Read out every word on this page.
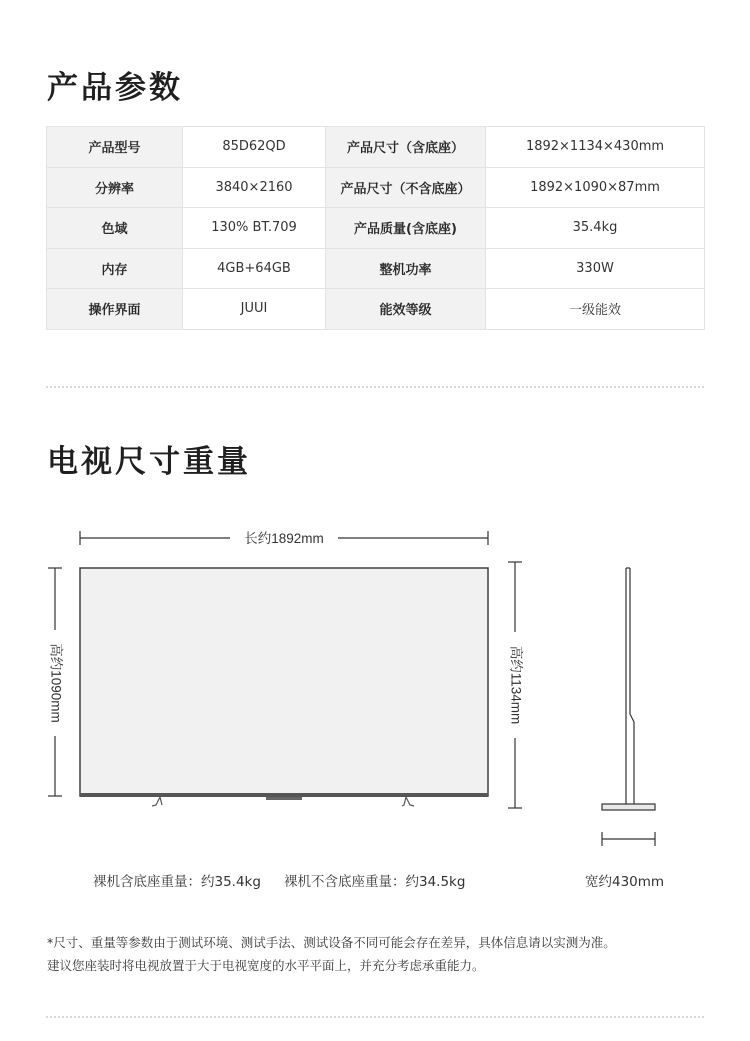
产品参数
产品型号	85D62QD	产品尺寸（含底座）	1892×1134×430mm
分辨率	3840×2160	产品尺寸（不含底座）	1892×1090×87mm
色域	130% BT.709	产品质量(含底座)	35.4kg
内存	4GB+64GB	整机功率	330W
操作界面	JUUI	能效等级	一级能效
电视尺寸重量
长约1892mm
高约1090mm	高约1134mm
裸机含底座重量：约35.4kg 裸机不含底座重量：约34.5kg	宽约430mm
*尺寸、重量等参数由于测试环境、测试手法、测试设备不同可能会存在差异，具体信息请以实测为准。
建议您座装时将电视放置于大于电视宽度的水平平面上，并充分考虑承重能力。
